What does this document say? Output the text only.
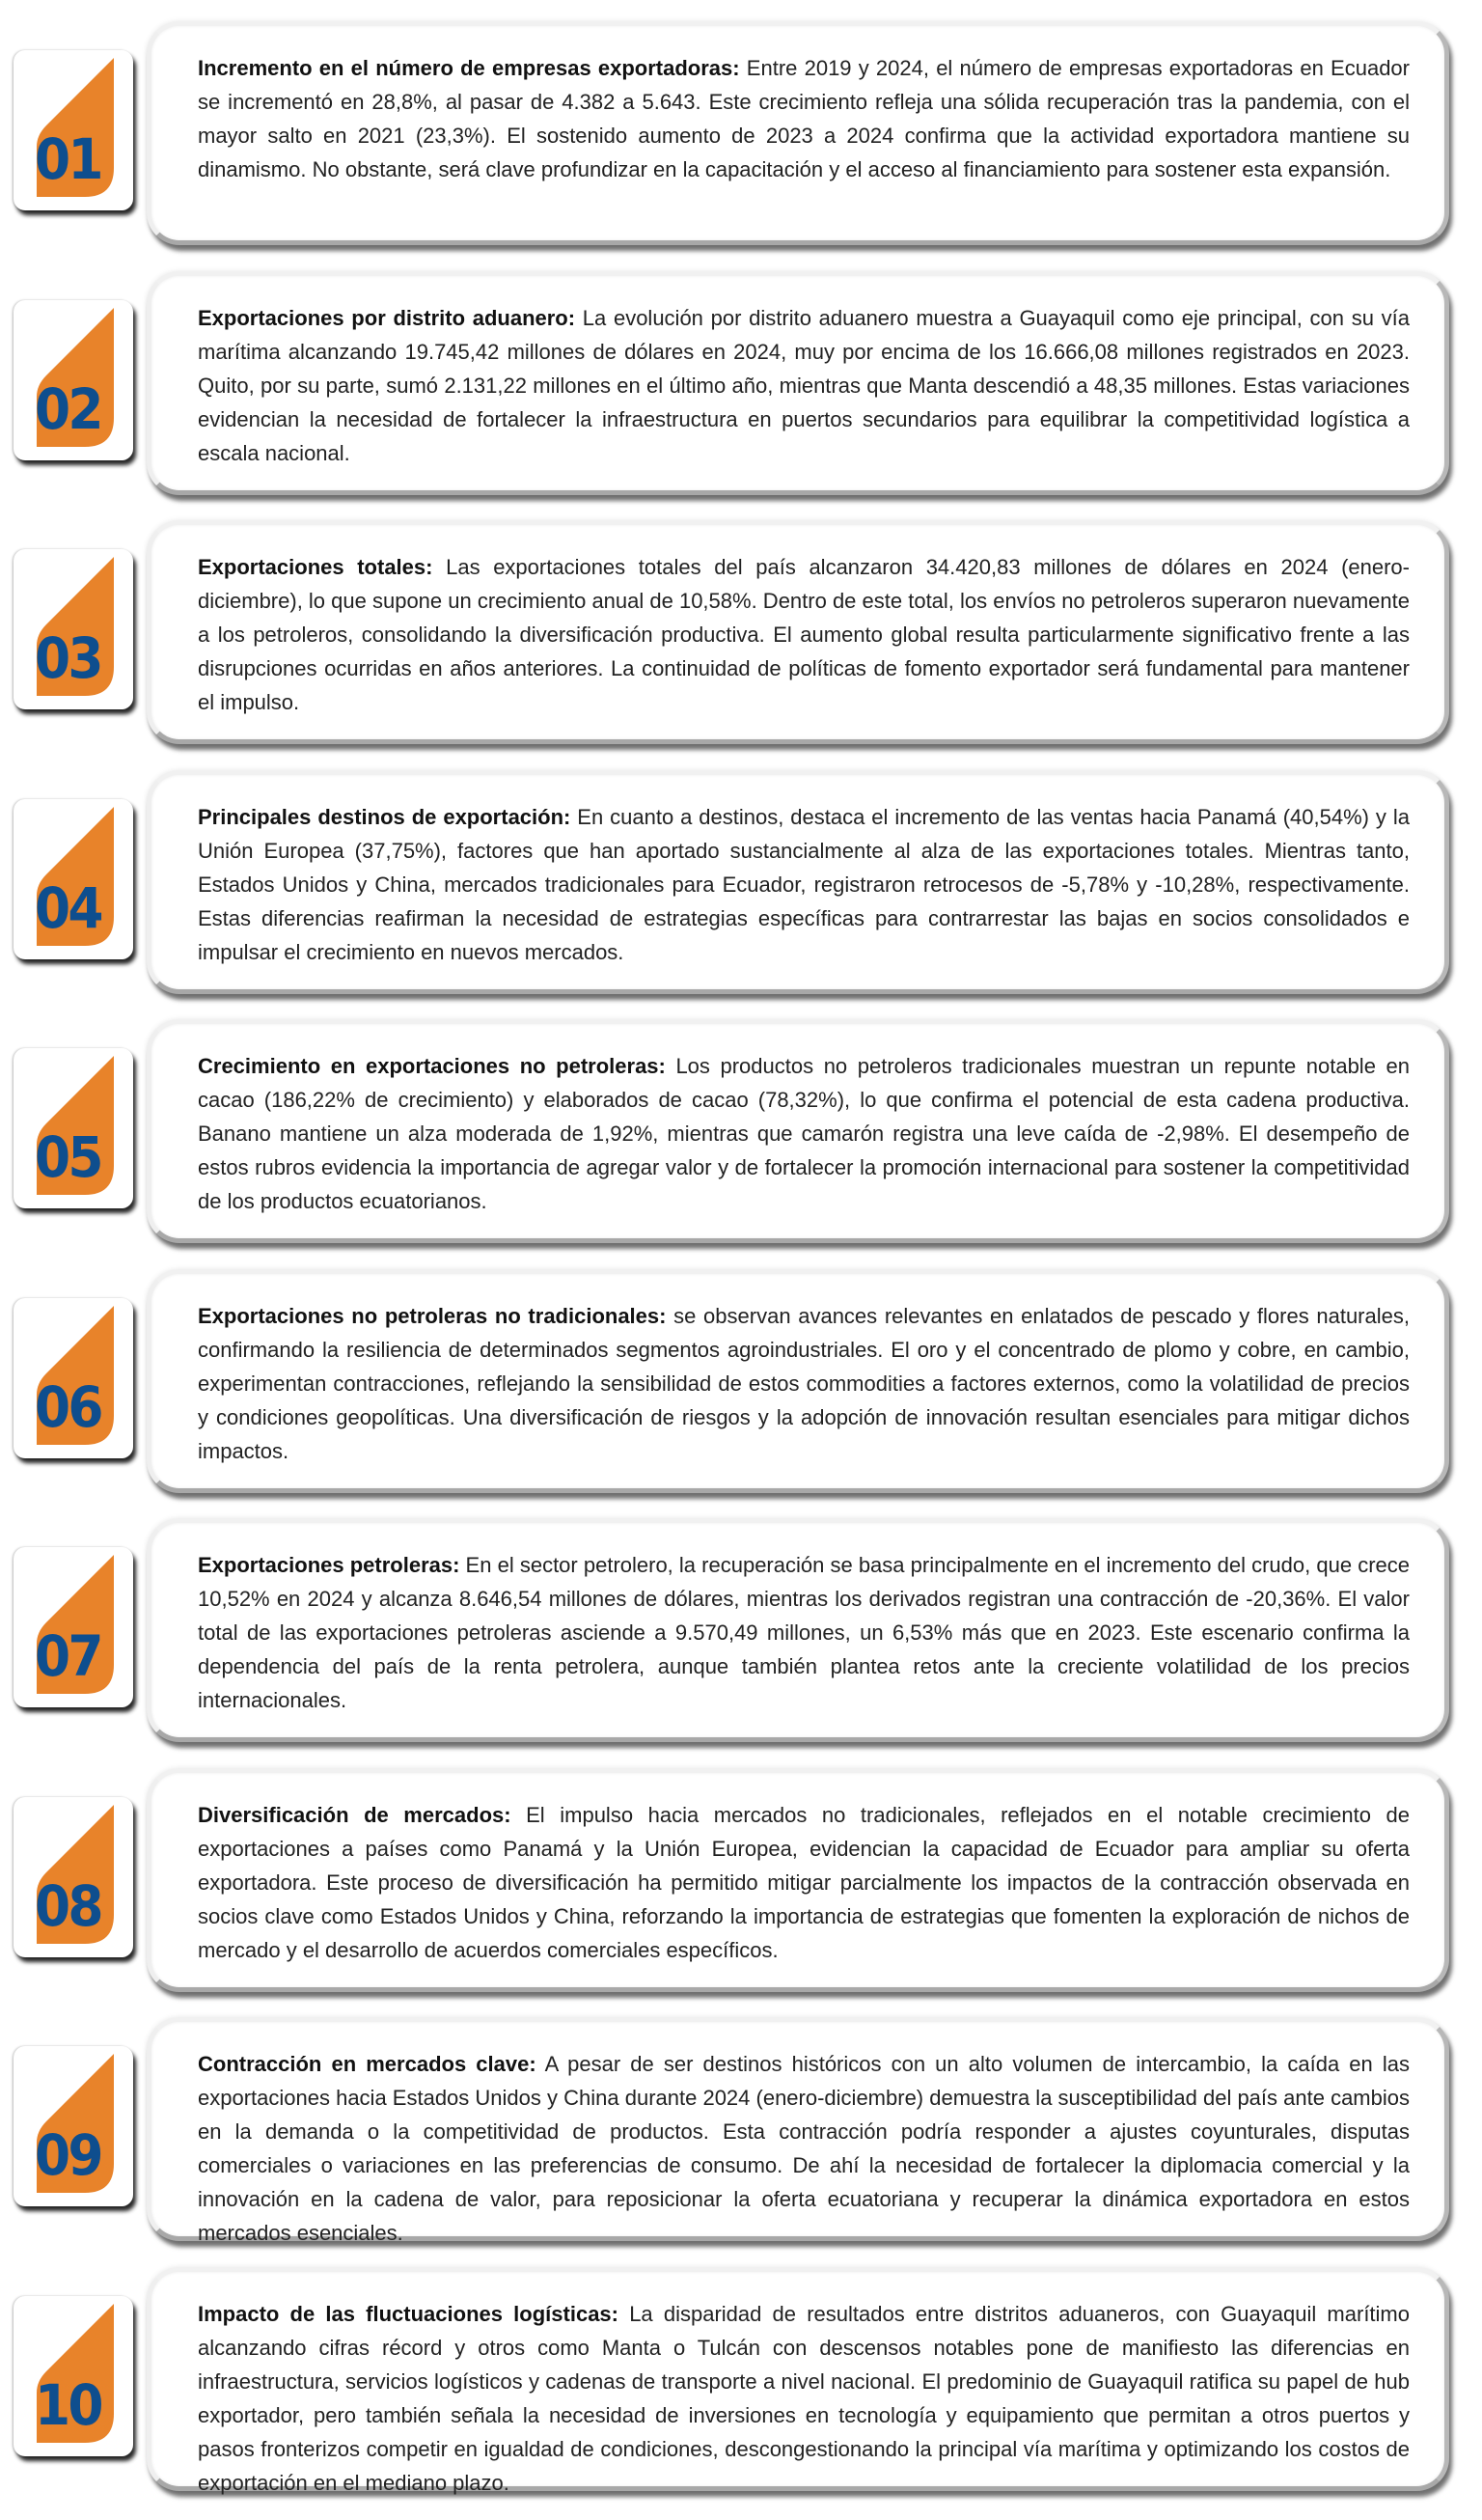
01

Incremento en el número de empresas exportadoras: Entre 2019 y 2024, el número de empresas exportadoras en Ecuador se incrementó en 28,8%, al pasar de 4.382 a 5.643. Este crecimiento refleja una sólida recuperación tras la pandemia, con el mayor salto en 2021 (23,3%). El sostenido aumento de 2023 a 2024 confirma que la actividad exportadora mantiene su dinamismo. No obstante, será clave profundizar en la capacitación y el acceso al financiamiento para sostener esta expansión.

02

Exportaciones por distrito aduanero: La evolución por distrito aduanero muestra a Guayaquil como eje principal, con su vía marítima alcanzando 19.745,42 millones de dólares en 2024, muy por encima de los 16.666,08 millones registrados en 2023. Quito, por su parte, sumó 2.131,22 millones en el último año, mientras que Manta descendió a 48,35 millones. Estas variaciones evidencian la necesidad de fortalecer la infraestructura en puertos secundarios para equilibrar la competitividad logística a escala nacional.

03

Exportaciones totales: Las exportaciones totales del país alcanzaron 34.420,83 millones de dólares en 2024 (enero-diciembre), lo que supone un crecimiento anual de 10,58%. Dentro de este total, los envíos no petroleros superaron nuevamente a los petroleros, consolidando la diversificación productiva. El aumento global resulta particularmente significativo frente a las disrupciones ocurridas en años anteriores. La continuidad de políticas de fomento exportador será fundamental para mantener el impulso.

04

Principales destinos de exportación: En cuanto a destinos, destaca el incremento de las ventas hacia Panamá (40,54%) y la Unión Europea (37,75%), factores que han aportado sustancialmente al alza de las exportaciones totales. Mientras tanto, Estados Unidos y China, mercados tradicionales para Ecuador, registraron retrocesos de -5,78% y -10,28%, respectivamente. Estas diferencias reafirman la necesidad de estrategias específicas para contrarrestar las bajas en socios consolidados e impulsar el crecimiento en nuevos mercados.

05

Crecimiento en exportaciones no petroleras: Los productos no petroleros tradicionales muestran un repunte notable en cacao (186,22% de crecimiento) y elaborados de cacao (78,32%), lo que confirma el potencial de esta cadena productiva. Banano mantiene un alza moderada de 1,92%, mientras que camarón registra una leve caída de -2,98%. El desempeño de estos rubros evidencia la importancia de agregar valor y de fortalecer la promoción internacional para sostener la competitividad de los productos ecuatorianos.

06

Exportaciones no petroleras no tradicionales: se observan avances relevantes en enlatados de pescado y flores naturales, confirmando la resiliencia de determinados segmentos agroindustriales. El oro y el concentrado de plomo y cobre, en cambio, experimentan contracciones, reflejando la sensibilidad de estos commodities a factores externos, como la volatilidad de precios y condiciones geopolíticas. Una diversificación de riesgos y la adopción de innovación resultan esenciales para mitigar dichos impactos.

07

Exportaciones petroleras: En el sector petrolero, la recuperación se basa principalmente en el incremento del crudo, que crece 10,52% en 2024 y alcanza 8.646,54 millones de dólares, mientras los derivados registran una contracción de -20,36%. El valor total de las exportaciones petroleras asciende a 9.570,49 millones, un 6,53% más que en 2023. Este escenario confirma la dependencia del país de la renta petrolera, aunque también plantea retos ante la creciente volatilidad de los precios internacionales.

08

Diversificación de mercados: El impulso hacia mercados no tradicionales, reflejados en el notable crecimiento de exportaciones a países como Panamá y la Unión Europea, evidencian la capacidad de Ecuador para ampliar su oferta exportadora. Este proceso de diversificación ha permitido mitigar parcialmente los impactos de la contracción observada en socios clave como Estados Unidos y China, reforzando la importancia de estrategias que fomenten la exploración de nichos de mercado y el desarrollo de acuerdos comerciales específicos.

09

Contracción en mercados clave: A pesar de ser destinos históricos con un alto volumen de intercambio, la caída en las exportaciones hacia Estados Unidos y China durante 2024 (enero-diciembre) demuestra la susceptibilidad del país ante cambios en la demanda o la competitividad de productos. Esta contracción podría responder a ajustes coyunturales, disputas comerciales o variaciones en las preferencias de consumo. De ahí la necesidad de fortalecer la diplomacia comercial y la innovación en la cadena de valor, para reposicionar la oferta ecuatoriana y recuperar la dinámica exportadora en estos mercados esenciales.

10

Impacto de las fluctuaciones logísticas: La disparidad de resultados entre distritos aduaneros, con Guayaquil marítimo alcanzando cifras récord y otros como Manta o Tulcán con descensos notables pone de manifiesto las diferencias en infraestructura, servicios logísticos y cadenas de transporte a nivel nacional. El predominio de Guayaquil ratifica su papel de hub exportador, pero también señala la necesidad de inversiones en tecnología y equipamiento que permitan a otros puertos y pasos fronterizos competir en igualdad de condiciones, descongestionando la principal vía marítima y optimizando los costos de exportación en el mediano plazo.
